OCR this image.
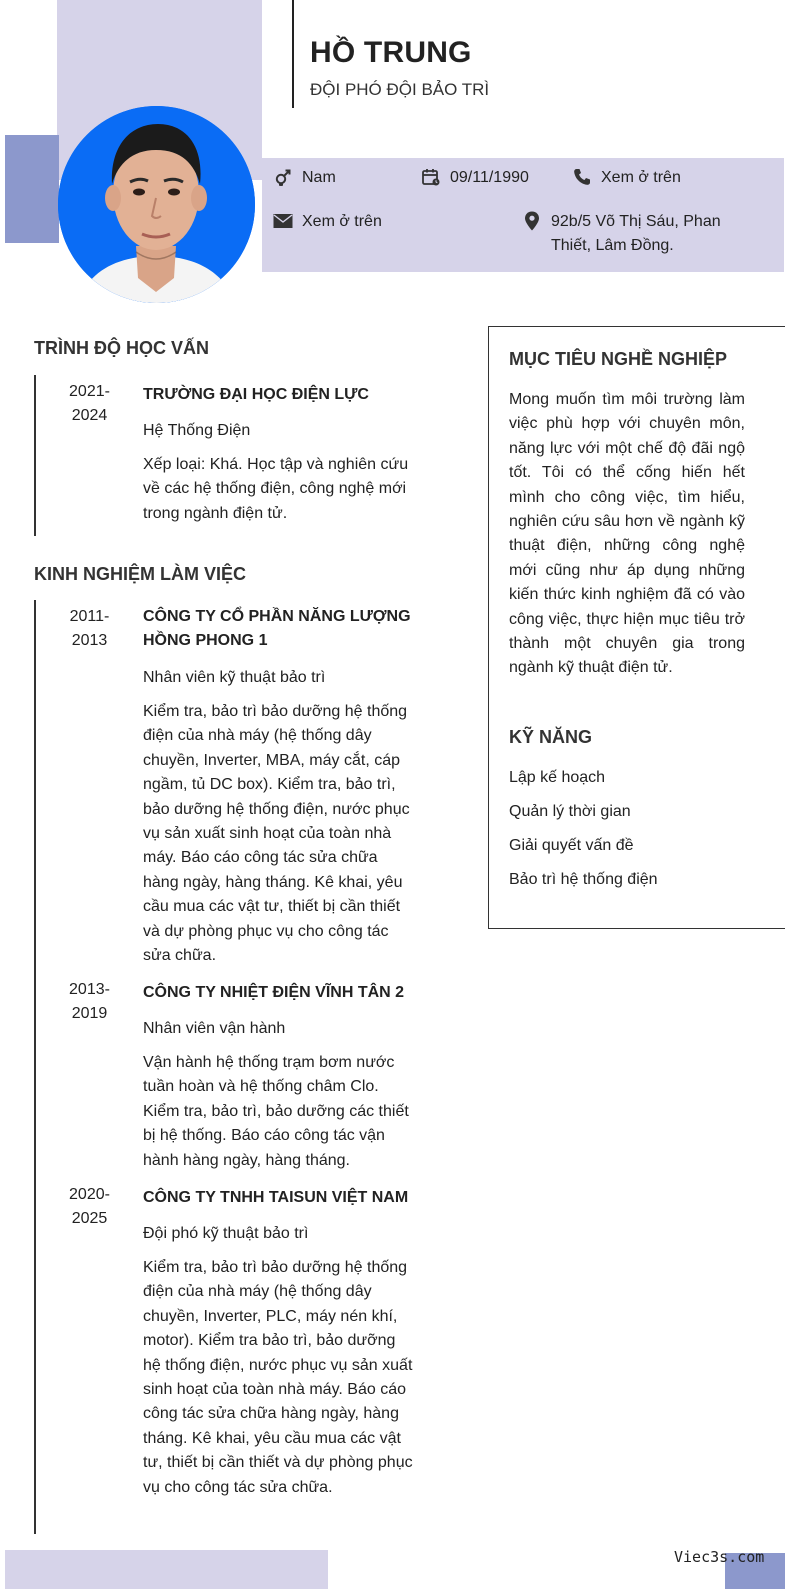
HỒ TRUNG
ĐỘI PHÓ ĐỘI BẢO TRÌ
Nam	09/11/1990	Xem ở trên
Xem ở trên	92b/5 Võ Thị Sáu, Phan
Thiết, Lâm Đồng.
TRÌNH ĐỘ HỌC VẤN
2021-
2024
TRƯỜNG ĐẠI HỌC ĐIỆN LỰC
Hệ Thống Điện
Xếp loại: Khá. Học tập và nghiên cứu về các hệ thống điện, công nghệ mới trong ngành điện tử.
KINH NGHIỆM LÀM VIỆC
2011-
2013
CÔNG TY CỔ PHẦN NĂNG LƯỢNG HỒNG PHONG 1
Nhân viên kỹ thuật bảo trì
Kiểm tra, bảo trì bảo dưỡng hệ thống điện của nhà máy (hệ thống dây chuyền, Inverter, MBA, máy cắt, cáp ngầm, tủ DC box). Kiểm tra, bảo trì, bảo dưỡng hệ thống điện, nước phục vụ sản xuất sinh hoạt của toàn nhà máy. Báo cáo công tác sửa chữa hàng ngày, hàng tháng. Kê khai, yêu cầu mua các vật tư, thiết bị cần thiết và dự phòng phục vụ cho công tác sửa chữa.
2013-
2019
CÔNG TY NHIỆT ĐIỆN VĨNH TÂN 2
Nhân viên vận hành
Vận hành hệ thống trạm bơm nước tuần hoàn và hệ thống châm Clo. Kiểm tra, bảo trì, bảo dưỡng các thiết bị hệ thống. Báo cáo công tác vận hành hàng ngày, hàng tháng.
2020-
2025
CÔNG TY TNHH TAISUN VIỆT NAM
Đội phó kỹ thuật bảo trì
Kiểm tra, bảo trì bảo dưỡng hệ thống điện của nhà máy (hệ thống dây chuyền, Inverter, PLC, máy nén khí, motor). Kiểm tra bảo trì, bảo dưỡng hệ thống điện, nước phục vụ sản xuất sinh hoạt của toàn nhà máy. Báo cáo công tác sửa chữa hàng ngày, hàng tháng. Kê khai, yêu cầu mua các vật tư, thiết bị cần thiết và dự phòng phục vụ cho công tác sửa chữa.
MỤC TIÊU NGHỀ NGHIỆP
Mong muốn tìm môi trường làm việc phù hợp với chuyên môn, năng lực với một chế độ đãi ngộ tốt. Tôi có thể cống hiến hết mình cho công việc, tìm hiểu, nghiên cứu sâu hơn về ngành kỹ thuật điện, những công nghệ mới cũng như áp dụng những kiến thức kinh nghiệm đã có vào công việc, thực hiện mục tiêu trở thành một chuyên gia trong ngành kỹ thuật điện tử.
KỸ NĂNG
Lập kế hoạch
Quản lý thời gian
Giải quyết vấn đề
Bảo trì hệ thống điện
Viec3s.com
